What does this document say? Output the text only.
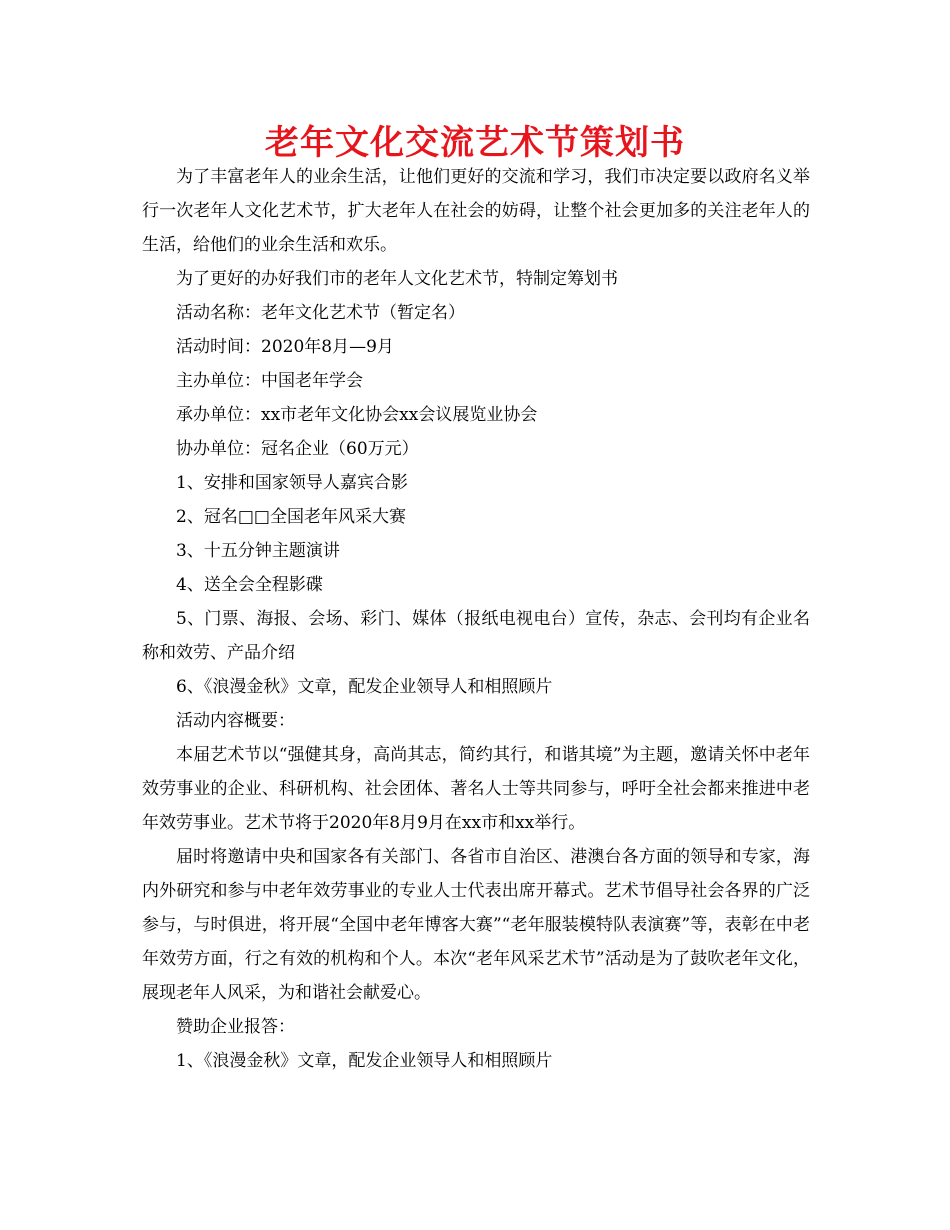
老年文化交流艺术节策划书

为了丰富老年人的业余生活，让他们更好的交流和学习，我们市决定要以政府名义举行一次老年人文化艺术节，扩大老年人在社会的妨碍，让整个社会更加多的关注老年人的生活，给他们的业余生活和欢乐。

为了更好的办好我们市的老年人文化艺术节，特制定筹划书

活动名称：老年文化艺术节（暂定名）

活动时间：2020年8月—9月

主办单位：中国老年学会

承办单位：xx市老年文化协会xx会议展览业协会

协办单位：冠名企业（60万元）

1、安排和国家领导人嘉宾合影

2、冠名□□全国老年风采大赛

3、十五分钟主题演讲

4、送全会全程影碟

5、门票、海报、会场、彩门、媒体（报纸电视电台）宣传，杂志、会刊均有企业名称和效劳、产品介绍

6、《浪漫金秋》文章，配发企业领导人和相照顾片

活动内容概要：

本届艺术节以“强健其身，高尚其志，简约其行，和谐其境”为主题，邀请关怀中老年效劳事业的企业、科研机构、社会团体、著名人士等共同参与，呼吁全社会都来推进中老年效劳事业。艺术节将于2020年8月9月在xx市和xx举行。

届时将邀请中央和国家各有关部门、各省市自治区、港澳台各方面的领导和专家，海内外研究和参与中老年效劳事业的专业人士代表出席开幕式。艺术节倡导社会各界的广泛参与，与时俱进，将开展“全国中老年博客大赛”“老年服装模特队表演赛”等，表彰在中老年效劳方面，行之有效的机构和个人。本次“老年风采艺术节”活动是为了鼓吹老年文化，展现老年人风采，为和谐社会献爱心。

赞助企业报答：

1、《浪漫金秋》文章，配发企业领导人和相照顾片
